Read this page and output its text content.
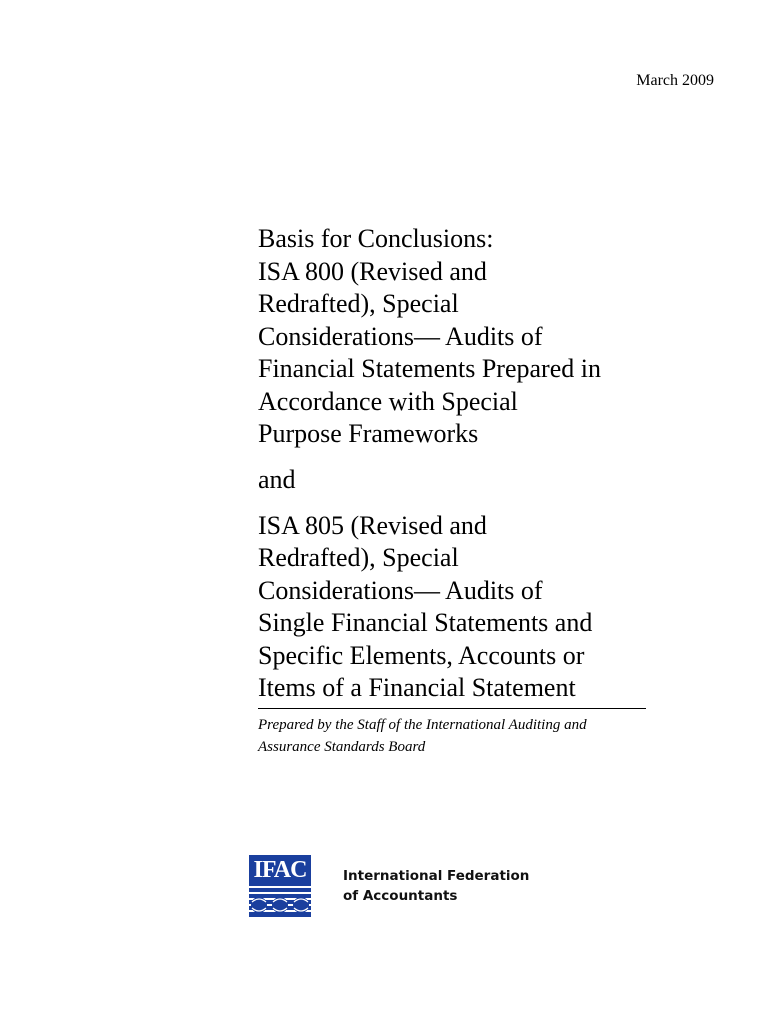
March 2009
Basis for Conclusions:
ISA 800 (Revised and
Redrafted), Special
Considerations— Audits of
Financial Statements Prepared in
Accordance with Special
Purpose Frameworks
and
ISA 805 (Revised and
Redrafted), Special
Considerations— Audits of
Single Financial Statements and
Specific Elements, Accounts or
Items of a Financial Statement
Prepared by the Staff of the International Auditing and
Assurance Standards Board
IFAC	International Federation
of Accountants
